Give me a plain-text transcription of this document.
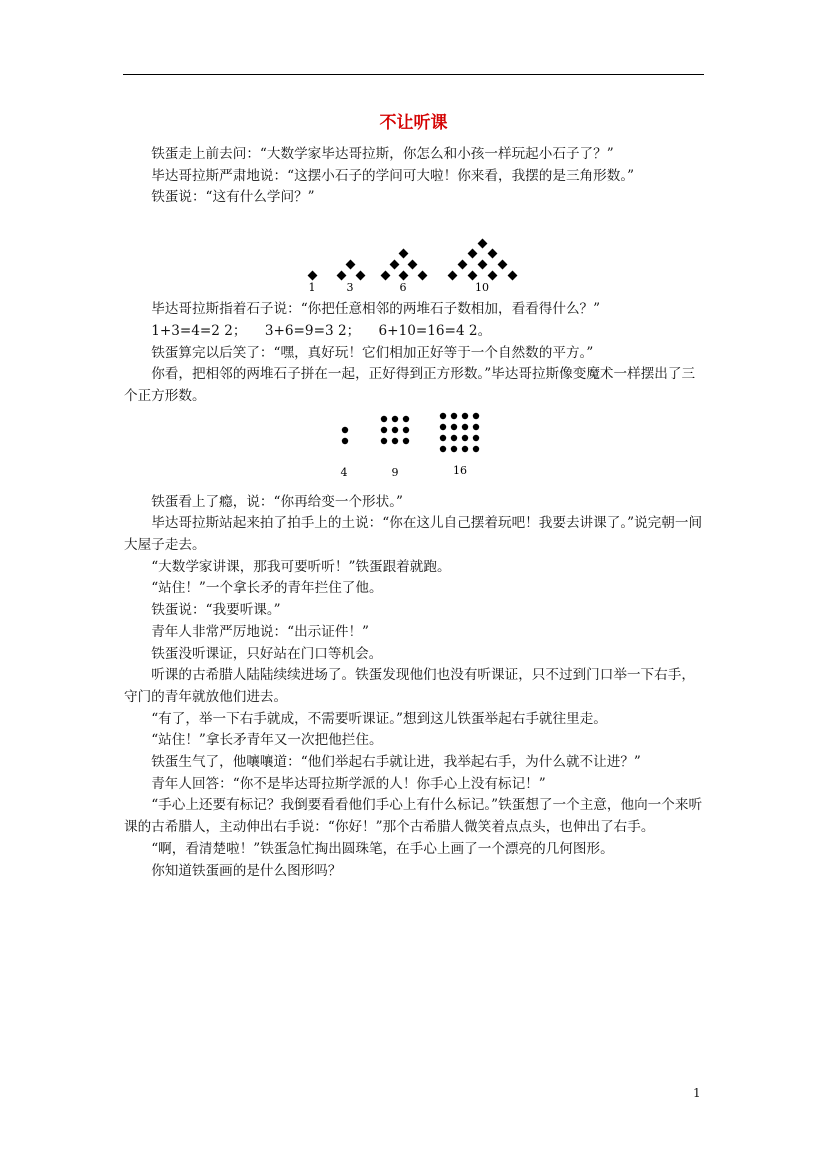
不让听课

铁蛋走上前去问：“大数学家毕达哥拉斯，你怎么和小孩一样玩起小石子了？”

毕达哥拉斯严肃地说：“这摆小石子的学问可大啦！你来看，我摆的是三角形数。”

铁蛋说：“这有什么学问？”

1	3	6	10

毕达哥拉斯指着石子说：“你把任意相邻的两堆石子数相加，看看得什么？”

1+3=4=2 2； 3+6=9=3 2； 6+10=16=4 2。

铁蛋算完以后笑了：“嘿，真好玩！它们相加正好等于一个自然数的平方。”

你看，把相邻的两堆石子拼在一起，正好得到正方形数。”毕达哥拉斯像变魔术一样摆出了三个正方形数。

4	9	16

铁蛋看上了瘾，说：“你再给变一个形状。”

毕达哥拉斯站起来拍了拍手上的土说：“你在这儿自己摆着玩吧！我要去讲课了。”说完朝一间大屋子走去。

“大数学家讲课，那我可要听听！”铁蛋跟着就跑。

“站住！”一个拿长矛的青年拦住了他。

铁蛋说：“我要听课。”

青年人非常严厉地说：“出示证件！”

铁蛋没听课证，只好站在门口等机会。

听课的古希腊人陆陆续续进场了。铁蛋发现他们也没有听课证，只不过到门口举一下右手，守门的青年就放他们进去。

“有了，举一下右手就成，不需要听课证。”想到这儿铁蛋举起右手就往里走。

“站住！”拿长矛青年又一次把他拦住。

铁蛋生气了，他嚷嚷道：“他们举起右手就让进，我举起右手，为什么就不让进？”

青年人回答：“你不是毕达哥拉斯学派的人！你手心上没有标记！”

“手心上还要有标记？我倒要看看他们手心上有什么标记。”铁蛋想了一个主意，他向一个来听课的古希腊人，主动伸出右手说：“你好！”那个古希腊人微笑着点点头，也伸出了右手。

“啊，看清楚啦！”铁蛋急忙掏出圆珠笔，在手心上画了一个漂亮的几何图形。

你知道铁蛋画的是什么图形吗？

1
